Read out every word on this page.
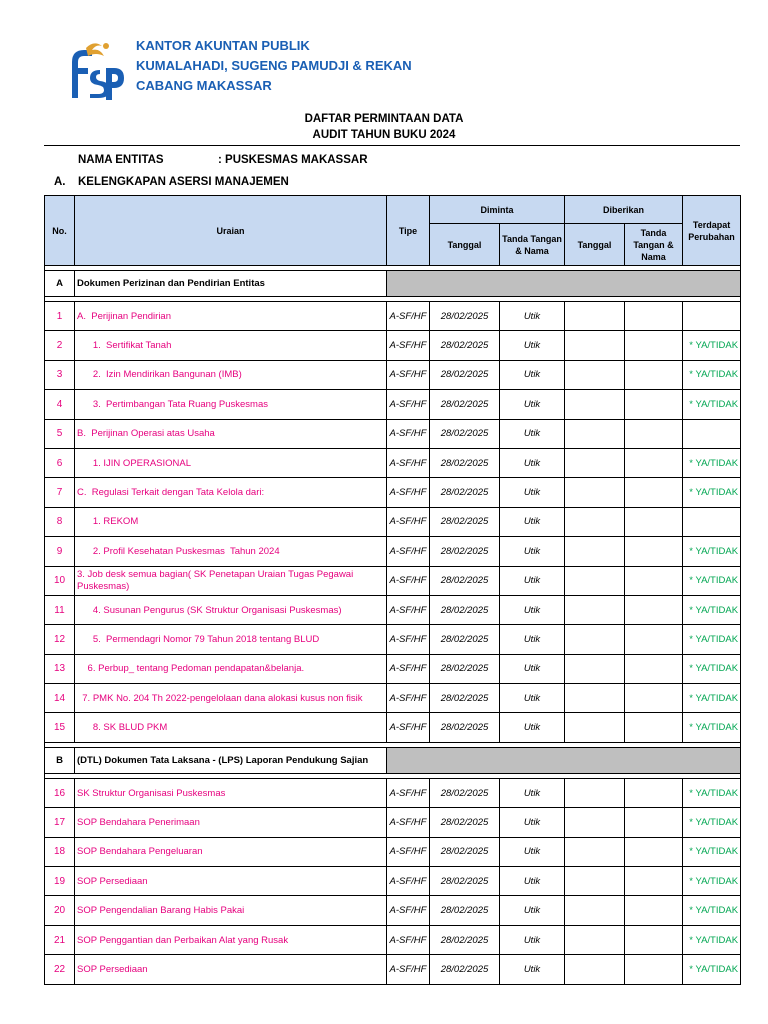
KANTOR AKUNTAN PUBLIK
KUMALAHADI, SUGENG PAMUDJI & REKAN
CABANG MAKASSAR
DAFTAR PERMINTAAN DATA
AUDIT TAHUN BUKU 2024
NAMA ENTITAS	: PUSKESMAS MAKASSAR
A. KELENGKAPAN ASERSI MANAJEMEN
No.	Uraian	Tipe	Diminta		Diberikan		Terdapat Perubahan
			Tanggal	Tanda Tangan & Nama	Tanggal	Tanda Tangan & Nama	

A	Dokumen Perizinan dan Pendirian Entitas						

1	A.  Perijinan Pendirian	A-SF/HF	28/02/2025	Utik			
2	1.  Sertifikat Tanah	A-SF/HF	28/02/2025	Utik			* YA/TIDAK
3	2.  Izin Mendirikan Bangunan (IMB)	A-SF/HF	28/02/2025	Utik			* YA/TIDAK
4	3.  Pertimbangan Tata Ruang Puskesmas	A-SF/HF	28/02/2025	Utik			* YA/TIDAK
5	B.  Perijinan Operasi atas Usaha	A-SF/HF	28/02/2025	Utik			
6	1. IJIN OPERASIONAL	A-SF/HF	28/02/2025	Utik			* YA/TIDAK
7	C.  Regulasi Terkait dengan Tata Kelola dari:	A-SF/HF	28/02/2025	Utik			* YA/TIDAK
8	1. REKOM	A-SF/HF	28/02/2025	Utik			
9	2. Profil Kesehatan Puskesmas  Tahun 2024	A-SF/HF	28/02/2025	Utik			* YA/TIDAK
10	3. Job desk semua bagian( SK Penetapan Uraian Tugas Pegawai Puskesmas)	A-SF/HF	28/02/2025	Utik			* YA/TIDAK
11	4. Susunan Pengurus (SK Struktur Organisasi Puskesmas)	A-SF/HF	28/02/2025	Utik			* YA/TIDAK
12	5.  Permendagri Nomor 79 Tahun 2018 tentang BLUD	A-SF/HF	28/02/2025	Utik			* YA/TIDAK
13	6. Perbup_ tentang Pedoman pendapatan&belanja.	A-SF/HF	28/02/2025	Utik			* YA/TIDAK
14	7. PMK No. 204 Th 2022-pengelolaan dana alokasi kusus non fisik	A-SF/HF	28/02/2025	Utik			* YA/TIDAK
15	8. SK BLUD PKM	A-SF/HF	28/02/2025	Utik			* YA/TIDAK

B	(DTL) Dokumen Tata Laksana - (LPS) Laporan Pendukung Sajian						

16	SK Struktur Organisasi Puskesmas	A-SF/HF	28/02/2025	Utik			* YA/TIDAK
17	SOP Bendahara Penerimaan	A-SF/HF	28/02/2025	Utik			* YA/TIDAK
18	SOP Bendahara Pengeluaran	A-SF/HF	28/02/2025	Utik			* YA/TIDAK
19	SOP Persediaan	A-SF/HF	28/02/2025	Utik			* YA/TIDAK
20	SOP Pengendalian Barang Habis Pakai	A-SF/HF	28/02/2025	Utik			* YA/TIDAK
21	SOP Penggantian dan Perbaikan Alat yang Rusak	A-SF/HF	28/02/2025	Utik			* YA/TIDAK
22	SOP Persediaan	A-SF/HF	28/02/2025	Utik			* YA/TIDAK
